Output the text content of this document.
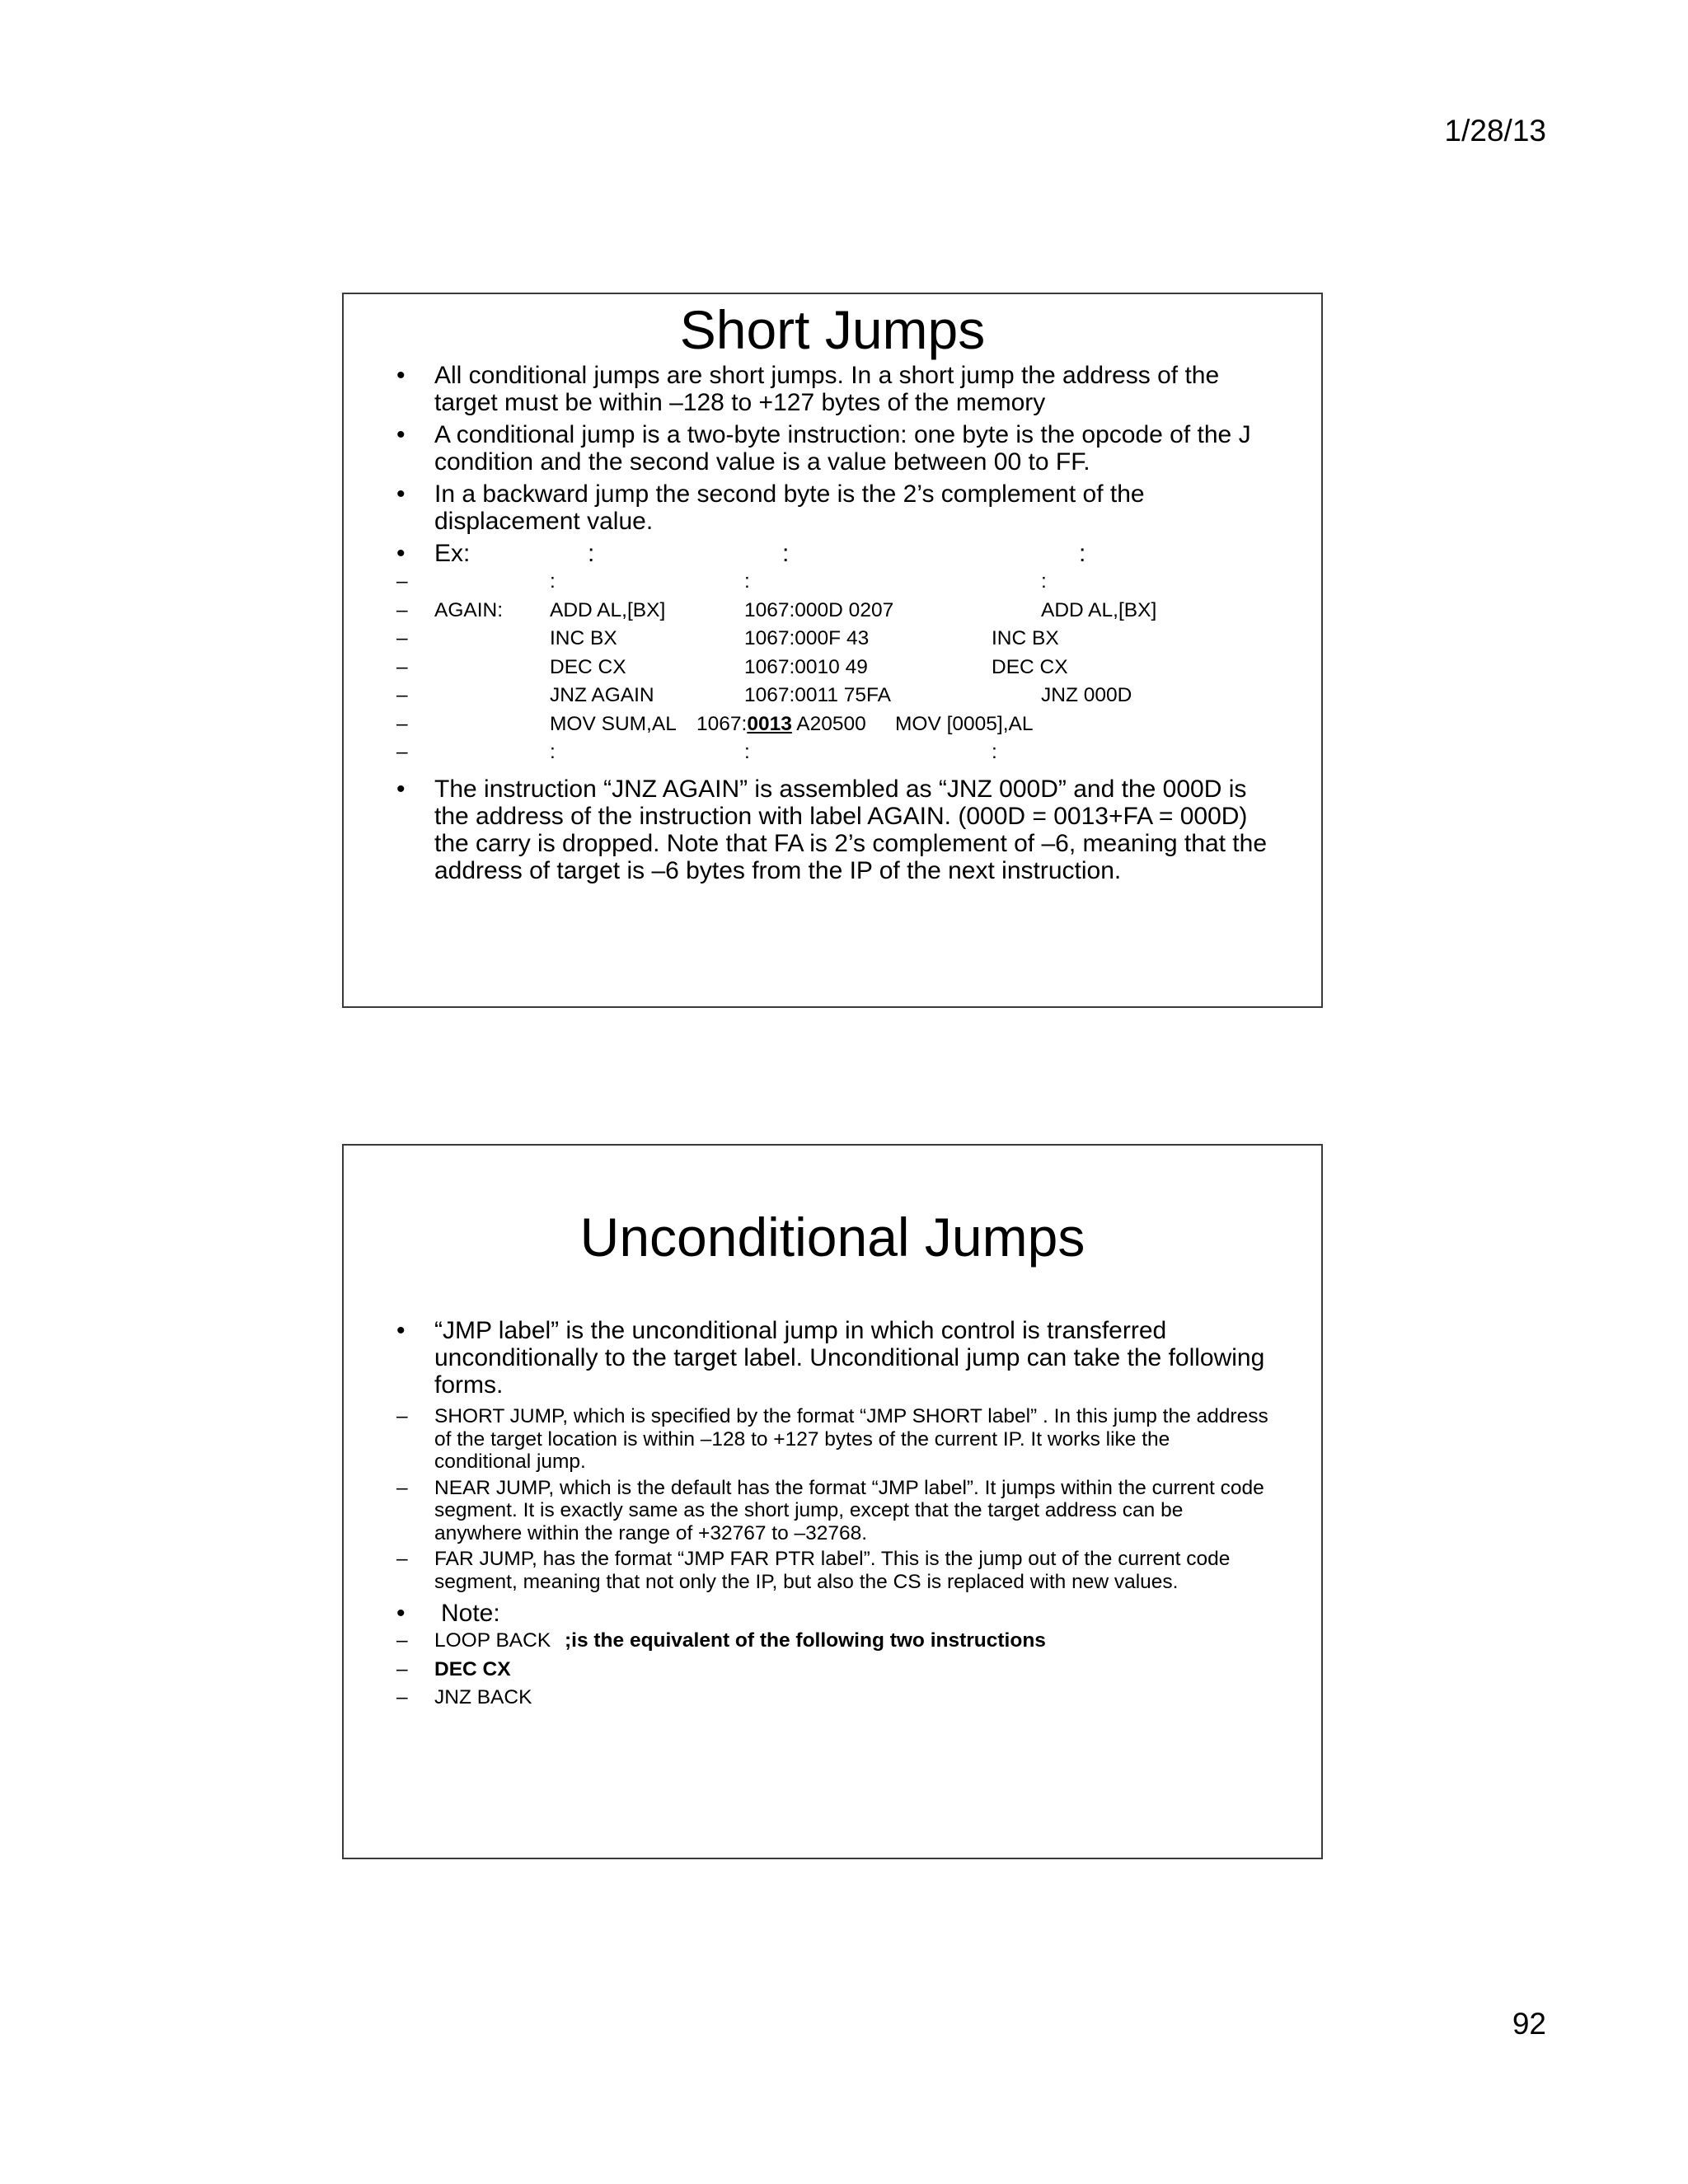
1/28/13
Short Jumps
• All conditional jumps are short jumps. In a short jump the address of the target must be within –128 to +127 bytes of the memory
• A conditional jump is a two-byte instruction: one byte is the opcode of the J condition and the second value is a value between 00 to FF.
• In a backward jump the second byte is the 2’s complement of the displacement value.
• Ex:	:	:	:
–	:	:	:
– AGAIN: ADD AL,[BX]	1067:000D 0207	ADD AL,[BX]
–	INC BX	1067:000F 43	INC BX
–	DEC CX	1067:0010 49	DEC CX
–	JNZ AGAIN	1067:0011 75FA	JNZ 000D
–	MOV SUM,AL 1067:0013 A20500 MOV [0005],AL
–	:	:	:
• The instruction “JNZ AGAIN” is assembled as “JNZ 000D” and the 000D is the address of the instruction with label AGAIN. (000D = 0013+FA = 000D) the carry is dropped. Note that FA is 2’s complement of –6, meaning that the address of target is –6 bytes from the IP of the next instruction.
Unconditional Jumps
• “JMP label” is the unconditional jump in which control is transferred unconditionally to the target label. Unconditional jump can take the following forms.
– SHORT JUMP, which is specified by the format “JMP SHORT label” . In this jump the address of the target location is within –128 to +127 bytes of the current IP. It works like the conditional jump.
– NEAR JUMP, which is the default has the format “JMP label”. It jumps within the current code segment. It is exactly same as the short jump, except that the target address can be anywhere within the range of +32767 to –32768.
– FAR JUMP, has the format “JMP FAR PTR label”. This is the jump out of the current code segment, meaning that not only the IP, but also the CS is replaced with new values.
• Note:
– LOOP BACK ;is the equivalent of the following two instructions
– DEC CX
– JNZ BACK
92
